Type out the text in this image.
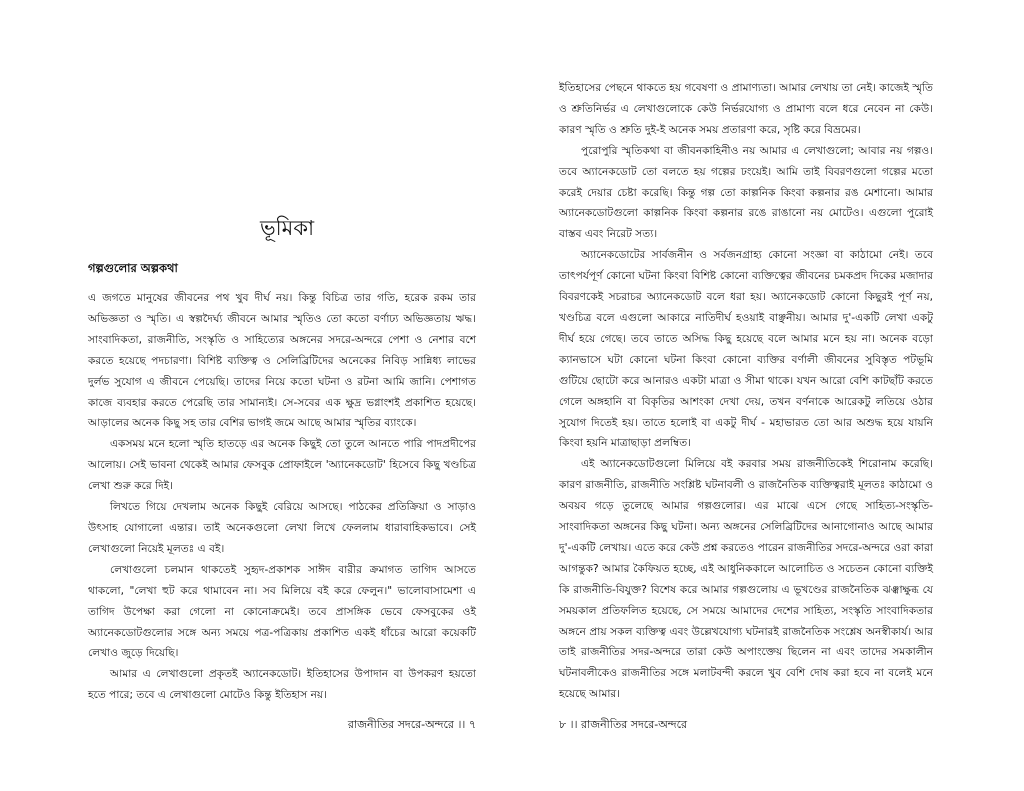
ভূমিকা
গল্পগুলোর অল্পকথা

এ জগতে মানুষের জীবনের পথ খুব দীর্ঘ নয়। কিন্তু বিচিত্র তার গতি, হরেক রকম তার অভিজ্ঞতা ও স্মৃতি। এ স্বল্পদৈর্ঘ্য জীবনে আমার স্মৃতিও তো কতো বর্ণাঢ্য অভিজ্ঞতায় ঋদ্ধ। সাংবাদিকতা, রাজনীতি, সংস্কৃতি ও সাহিত্যের অঙ্গনের সদরে-অন্দরে পেশা ও নেশার বশে করতে হয়েছে পদচারণা। বিশিষ্ট ব্যক্তিত্ব ও সেলিব্রিটিদের অনেকের নিবিড় সান্নিধ্য লাভের দুর্লভ সুযোগ এ জীবনে পেয়েছি। তাদের নিয়ে কতো ঘটনা ও রটনা আমি জানি। পেশাগত কাজে ব্যবহার করতে পেরেছি তার সামান্যই। সে-সবের এক ক্ষুদ্র ভগ্নাংশই প্রকাশিত হয়েছে। আড়ালের অনেক কিছু সহ তার বেশির ভাগই জমে আছে আমার স্মৃতির ব্যাংকে।

একসময় মনে হলো স্মৃতি হাতড়ে এর অনেক কিছুই তো তুলে আনতে পারি পাদপ্রদীপের আলোয়। সেই ভাবনা থেকেই আমার ফেসবুক প্রোফাইলে 'অ্যানেকডোট' হিসেবে কিছু খণ্ডচিত্র লেখা শুরু করে দিই।

লিখতে গিয়ে দেখলাম অনেক কিছুই বেরিয়ে আসছে। পাঠকের প্রতিক্রিয়া ও সাড়াও উৎসাহ যোগালো এন্তার। তাই অনেকগুলো লেখা লিখে ফেললাম ধারাবাহিকভাবে। সেই লেখাগুলো নিয়েই মূলতঃ এ বই।

লেখাগুলো চলমান থাকতেই সুহৃদ-প্রকাশক সাঈদ বারীর ক্রমাগত তাগিদ আসতে থাকলো, "লেখা হুট করে থামাবেন না। সব মিলিয়ে বই করে ফেলুন।" ভালোবাসামেশা এ তাগিদ উপেক্ষা করা গেলো না কোনোক্রমেই। তবে প্রাসঙ্গিক ভেবে ফেসবুকের ওই অ্যানেকডোটগুলোর সঙ্গে অন্য সময়ে পত্র-পত্রিকায় প্রকাশিত একই ধাঁচের আরো কয়েকটি লেখাও জুড়ে দিয়েছি।

আমার এ লেখাগুলো প্রকৃতই অ্যানেকডোট। ইতিহাসের উপাদান বা উপকরণ হয়তো হতে পারে; তবে এ লেখাগুলো মোটেও কিন্তু ইতিহাস নয়।

রাজনীতির সদরে-অন্দরে ।। ৭

ইতিহাসের পেছনে থাকতে হয় গবেষণা ও প্রামাণ্যতা। আমার লেখায় তা নেই। কাজেই স্মৃতি ও শ্রুতিনির্ভর এ লেখাগুলোকে কেউ নির্ভরযোগ্য ও প্রামাণ্য বলে ধরে নেবেন না কেউ। কারণ স্মৃতি ও শ্রুতি দুই-ই অনেক সময় প্রতারণা করে, সৃষ্টি করে বিভ্রমের।

পুরোপুরি স্মৃতিকথা বা জীবনকাহিনীও নয় আমার এ লেখাগুলো; আবার নয় গল্পও। তবে অ্যানেকডোট তো বলতে হয় গল্পের ঢংয়েই। আমি তাই বিবরণগুলো গল্পের মতো করেই দেয়ার চেষ্টা করেছি। কিন্তু গল্প তো কাল্পনিক কিংবা কল্পনার রঙ মেশানো। আমার অ্যানেকডোটগুলো কাল্পনিক কিংবা কল্পনার রঙে রাঙানো নয় মোটেও। এগুলো পুরোই বাস্তব এবং নিরেট সত্য।

অ্যানেকডোটের সার্বজনীন ও সর্বজনগ্রাহ্য কোনো সংজ্ঞা বা কাঠামো নেই। তবে তাৎপর্যপূর্ণ কোনো ঘটনা কিংবা বিশিষ্ট কোনো ব্যক্তিত্বের জীবনের চমকপ্রদ দিকের মজাদার বিবরণকেই সচরাচর অ্যানেকডোট বলে ধরা হয়। অ্যানেকডোট কোনো কিছুরই পূর্ণ নয়, খণ্ডচিত্র বলে এগুলো আকারে নাতিদীর্ঘ হওয়াই বাঞ্ছনীয়। আমার দু'-একটি লেখা একটু দীর্ঘ হয়ে গেছে। তবে তাতে অসিদ্ধ কিছু হয়েছে বলে আমার মনে হয় না। অনেক বড়ো ক্যানভাসে ঘটা কোনো ঘটনা কিংবা কোনো ব্যক্তির বর্ণালী জীবনের সুবিস্তৃত পটভূমি গুটিয়ে ছোটো করে আনারও একটা মাত্রা ও সীমা থাকে। যখন আরো বেশি কাটছাঁট করতে গেলে অঙ্গহানি বা বিকৃতির আশংকা দেখা দেয়, তখন বর্ণনাকে আরেকটু লতিয়ে ওঠার সুযোগ দিতেই হয়। তাতে হলোই বা একটু দীর্ঘ - মহাভারত তো আর অশুদ্ধ হয়ে যায়নি কিংবা হয়নি মাত্রাছাড়া প্রলম্বিত।

এই অ্যানেকডোটগুলো মিলিয়ে বই করবার সময় রাজনীতিকেই শিরোনাম করেছি। কারণ রাজনীতি, রাজনীতি সংশ্লিষ্ট ঘটনাবলী ও রাজনৈতিক ব্যক্তিত্বরাই মূলতঃ কাঠামো ও অবয়ব গড়ে তুলেছে আমার গল্পগুলোর। এর মাঝে এসে গেছে সাহিত্য-সংস্কৃতি-সাংবাদিকতা অঙ্গনের কিছু ঘটনা। অন্য অঙ্গনের সেলিব্রিটিদের আনাগোনাও আছে আমার দু'-একটি লেখায়। এতে করে কেউ প্রশ্ন করতেও পারেন রাজনীতির সদরে-অন্দরে ওরা কারা আগন্তুক? আমার কৈফিয়ত হচ্ছে, এই আধুনিককালে আলোচিত ও সচেতন কোনো ব্যক্তিই কি রাজনীতি-বিযুক্ত? বিশেষ করে আমার গল্পগুলোয় এ ভূখণ্ডের রাজনৈতিক ঝঞ্ঝাক্ষুব্ধ যে সময়কাল প্রতিফলিত হয়েছে, সে সময়ে আমাদের দেশের সাহিত্য, সংস্কৃতি সাংবাদিকতার অঙ্গনে প্রায় সকল ব্যক্তিত্ব এবং উল্লেখযোগ্য ঘটনারই রাজনৈতিক সংশ্লেষ অনস্বীকার্য। আর তাই রাজনীতির সদর-অন্দরে তারা কেউ অপাংক্তেয় ছিলেন না এবং তাদের সমকালীন ঘটনাবলীকেও রাজনীতির সঙ্গে মলাটবন্দী করলে খুব বেশি দোষ করা হবে না বলেই মনে হয়েছে আমার।

৮ ।। রাজনীতির সদরে-অন্দরে
